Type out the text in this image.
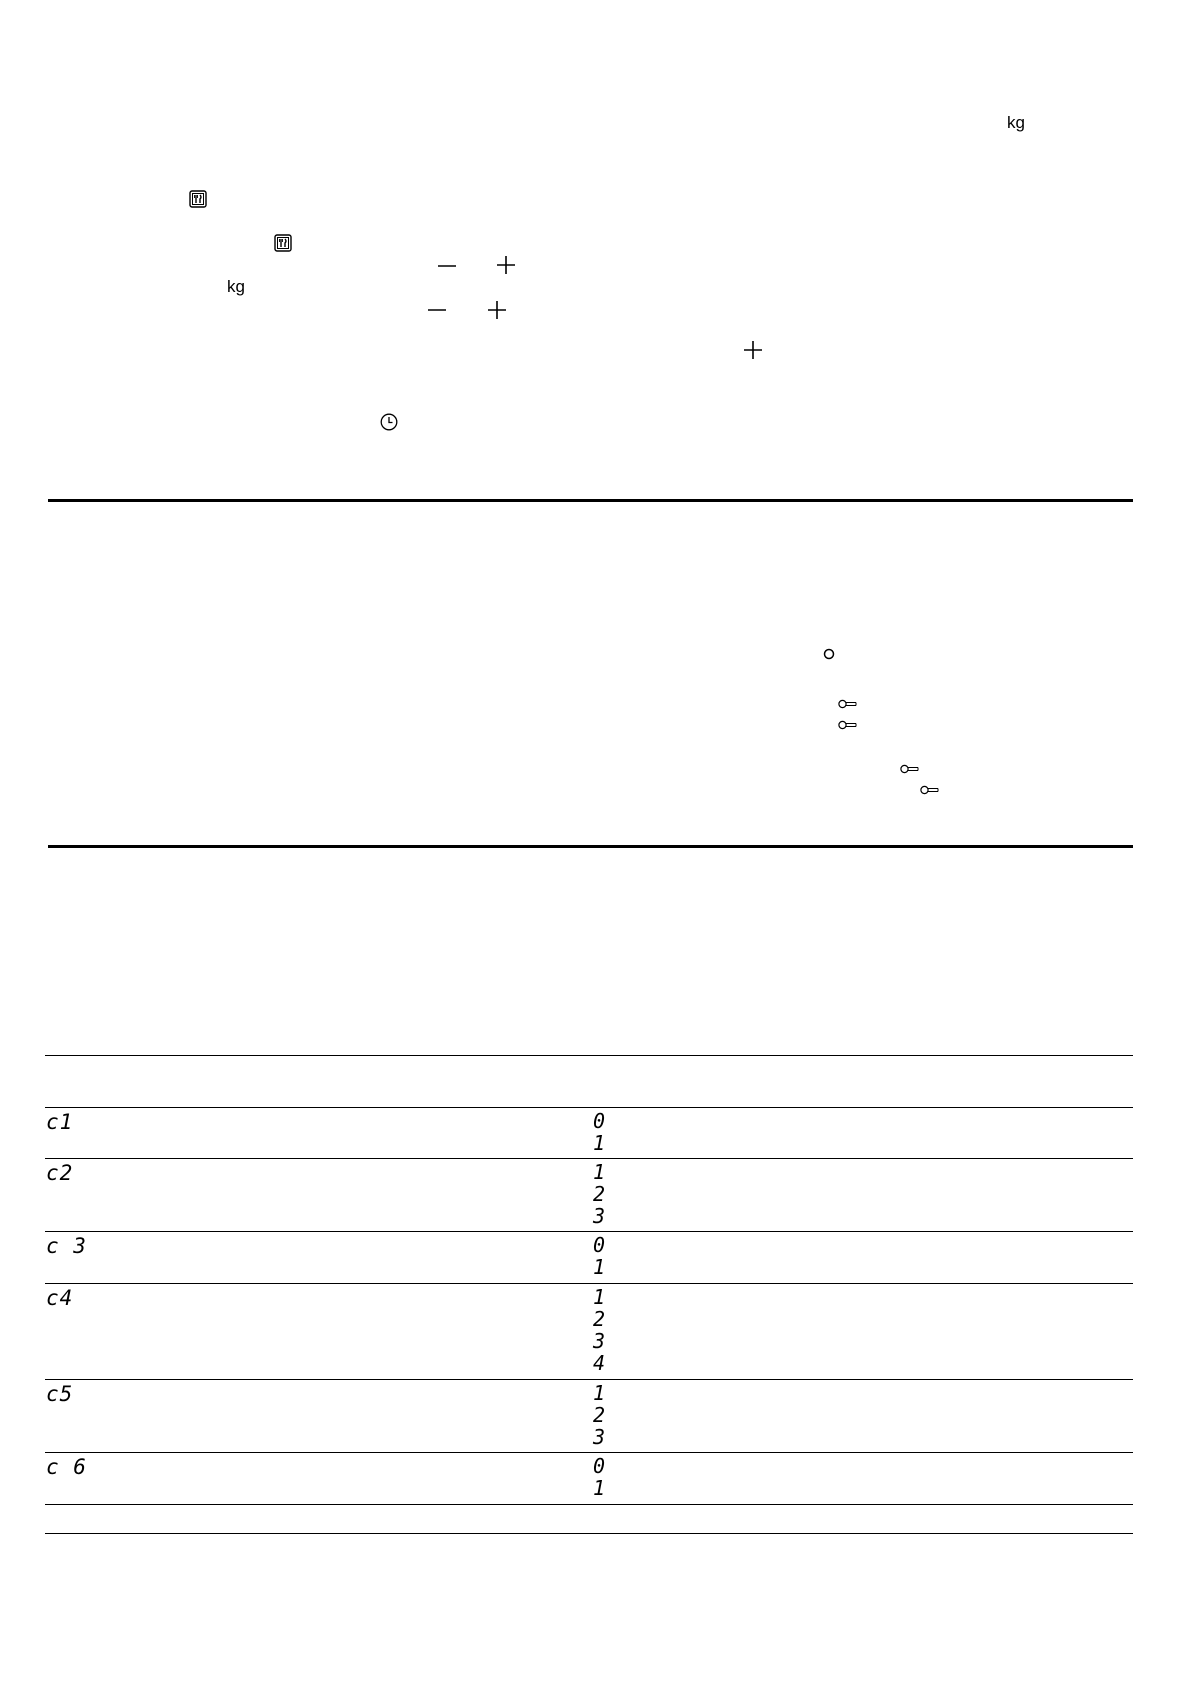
kg
kg
c1	0
1
c2	1
2
3
c 3	0
1
c4	1
2
3
4
c5	1
2
3
c 6	0
1
